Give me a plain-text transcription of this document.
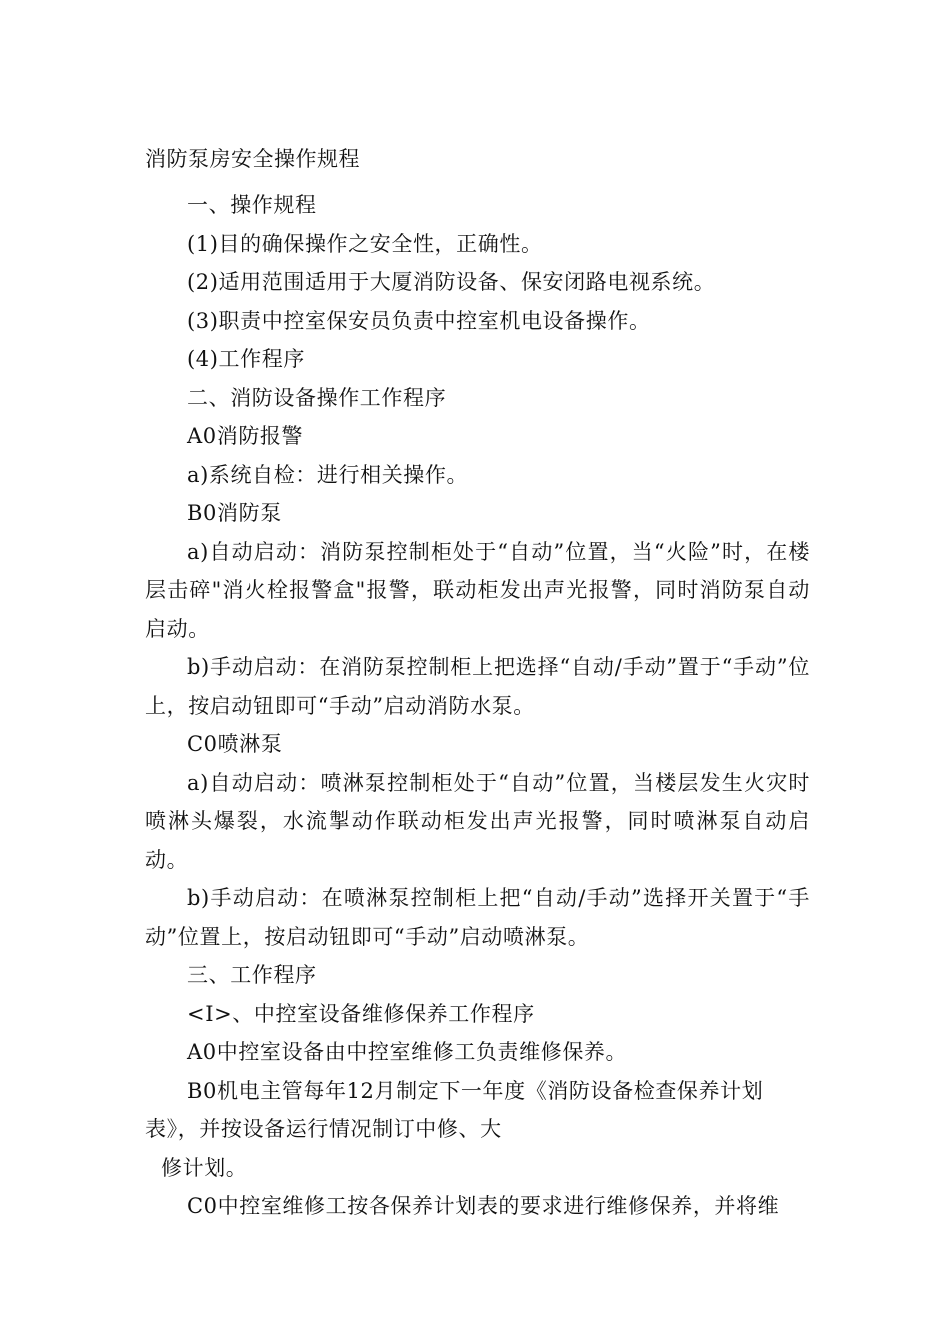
消防泵房安全操作规程

一、操作规程

(1)目的确保操作之安全性，正确性。

(2)适用范围适用于大厦消防设备、保安闭路电视系统。

(3)职责中控室保安员负责中控室机电设备操作。

(4)工作程序

二、消防设备操作工作程序

A0消防报警

a)系统自检：进行相关操作。

B0消防泵

a)自动启动：消防泵控制柜处于“自动”位置，当“火险”时，在楼层击碎"消火栓报警盒"报警，联动柜发出声光报警，同时消防泵自动启动。

b)手动启动：在消防泵控制柜上把选择“自动/手动”置于“手动”位上，按启动钮即可“手动”启动消防水泵。

C0喷淋泵

a)自动启动：喷淋泵控制柜处于“自动”位置，当楼层发生火灾时喷淋头爆裂，水流掣动作联动柜发出声光报警，同时喷淋泵自动启动。

b)手动启动：在喷淋泵控制柜上把“自动/手动”选择开关置于“手动”位置上，按启动钮即可“手动”启动喷淋泵。

三、工作程序

<I>、中控室设备维修保养工作程序

A0中控室设备由中控室维修工负责维修保养。

B0机电主管每年12月制定下一年度《消防设备检查保养计划

表》，并按设备运行情况制订中修、大

修计划。

C0中控室维修工按各保养计划表的要求进行维修保养，并将维
